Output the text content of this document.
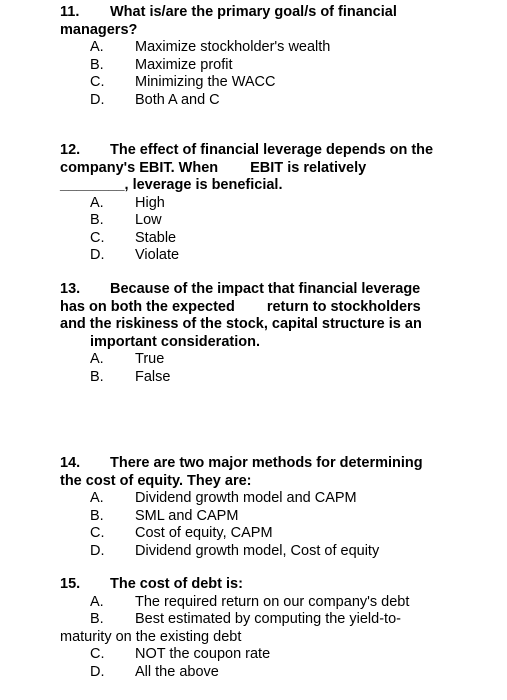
11. What is/are the primary goal/s of financial
managers?
A. Maximize stockholder's wealth
B. Maximize profit
C. Minimizing the WACC
D. Both A and C
12. The effect of financial leverage depends on the
company's EBIT. When EBIT is relatively
________, leverage is beneficial.
A. High
B. Low
C. Stable
D. Violate
13. Because of the impact that financial leverage
has on both the expected return to stockholders
and the riskiness of the stock, capital structure is an
important consideration.
A. True
B. False
14. There are two major methods for determining
the cost of equity. They are:
A. Dividend growth model and CAPM
B. SML and CAPM
C. Cost of equity, CAPM
D. Dividend growth model, Cost of equity
15. The cost of debt is:
A. The required return on our company's debt
B. Best estimated by computing the yield-to-
maturity on the existing debt
C. NOT the coupon rate
D. All the above
